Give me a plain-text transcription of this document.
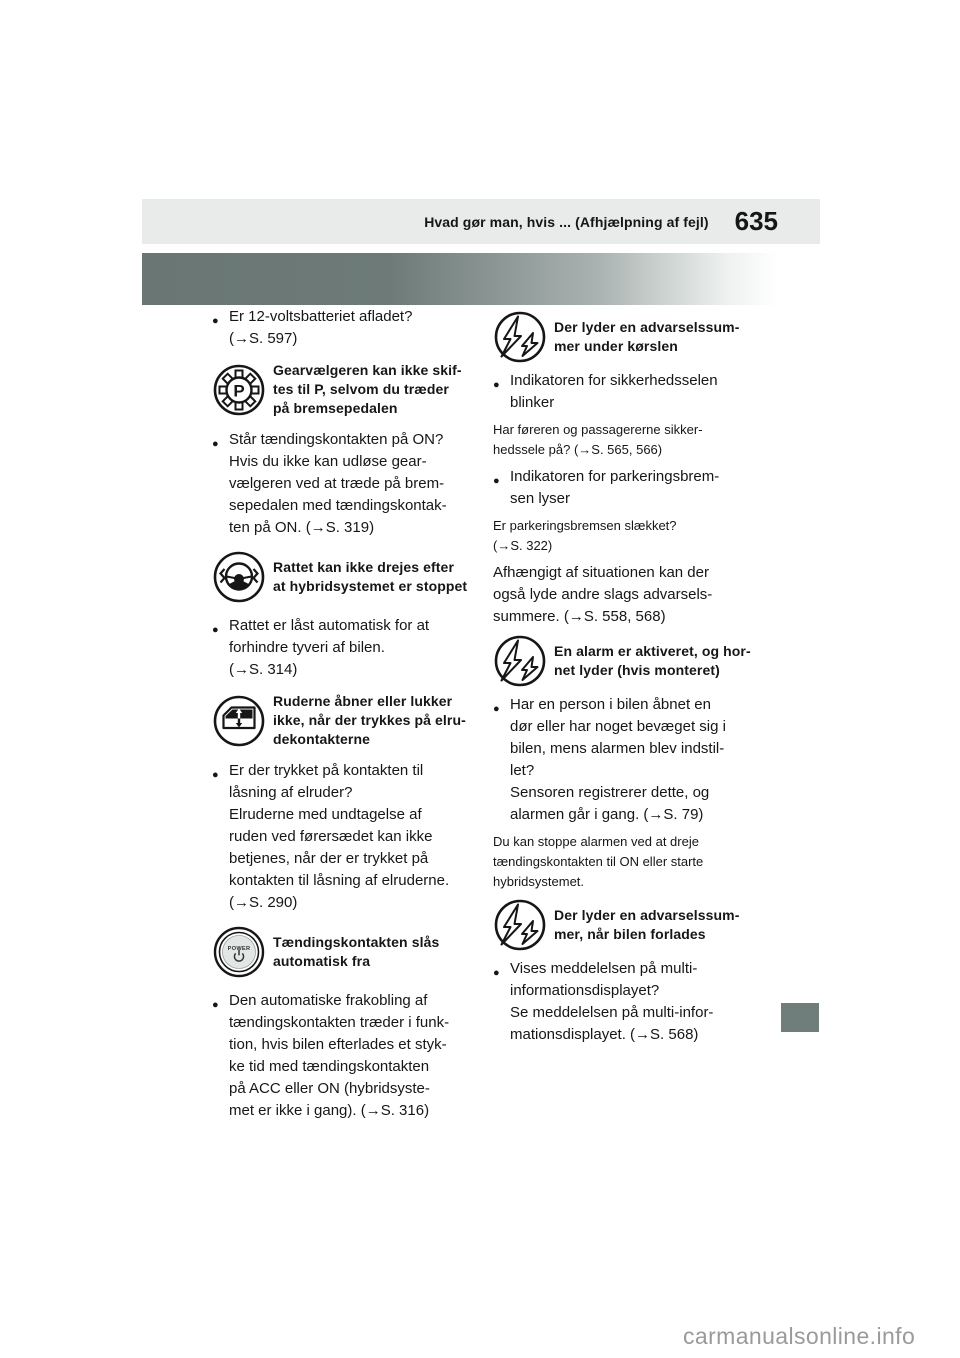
Hvad gør man, hvis ... (Afhjælpning af fejl) 635
● Er 12-voltsbatteriet afladet?
(→S. 597)
P
Gearvælgeren kan ikke skif-
tes til P, selvom du træder
på bremsepedalen
● Står tændingskontakten på ON?
Hvis du ikke kan udløse gear-
vælgeren ved at træde på brem-
sepedalen med tændingskontak-
ten på ON. (→S. 319)
Rattet kan ikke drejes efter
at hybridsystemet er stoppet
● Rattet er låst automatisk for at
forhindre tyveri af bilen.
(→S. 314)
Ruderne åbner eller lukker
ikke, når der trykkes på elru-
dekontakterne
● Er der trykket på kontakten til
låsning af elruder?
Elruderne med undtagelse af
ruden ved førersædet kan ikke
betjenes, når der er trykket på
kontakten til låsning af elruderne.
(→S. 290)
POWER Tændingskontakten slås
automatisk fra
● Den automatiske frakobling af
tændingskontakten træder i funk-
tion, hvis bilen efterlades et styk-
ke tid med tændingskontakten
på ACC eller ON (hybridsyste-
met er ikke i gang). (→S. 316)
Der lyder en advarselssum-
mer under kørslen
● Indikatoren for sikkerhedsselen
blinker
Har føreren og passagererne sikker-
hedssele på? (→S. 565, 566)
● Indikatoren for parkeringsbrem-
sen lyser
Er parkeringsbremsen slækket?
(→S. 322)
Afhængigt af situationen kan der
også lyde andre slags advarsels-
summere. (→S. 558, 568)
En alarm er aktiveret, og hor-
net lyder (hvis monteret)
● Har en person i bilen åbnet en
dør eller har noget bevæget sig i
bilen, mens alarmen blev indstil-
let?
Sensoren registrerer dette, og
alarmen går i gang. (→S. 79)
Du kan stoppe alarmen ved at dreje
tændingskontakten til ON eller starte
hybridsystemet.
Der lyder en advarselssum-
mer, når bilen forlades
● Vises meddelelsen på multi-
informationsdisplayet?
Se meddelelsen på multi-infor-
mationsdisplayet. (→S. 568)
carmanualsonline.info
